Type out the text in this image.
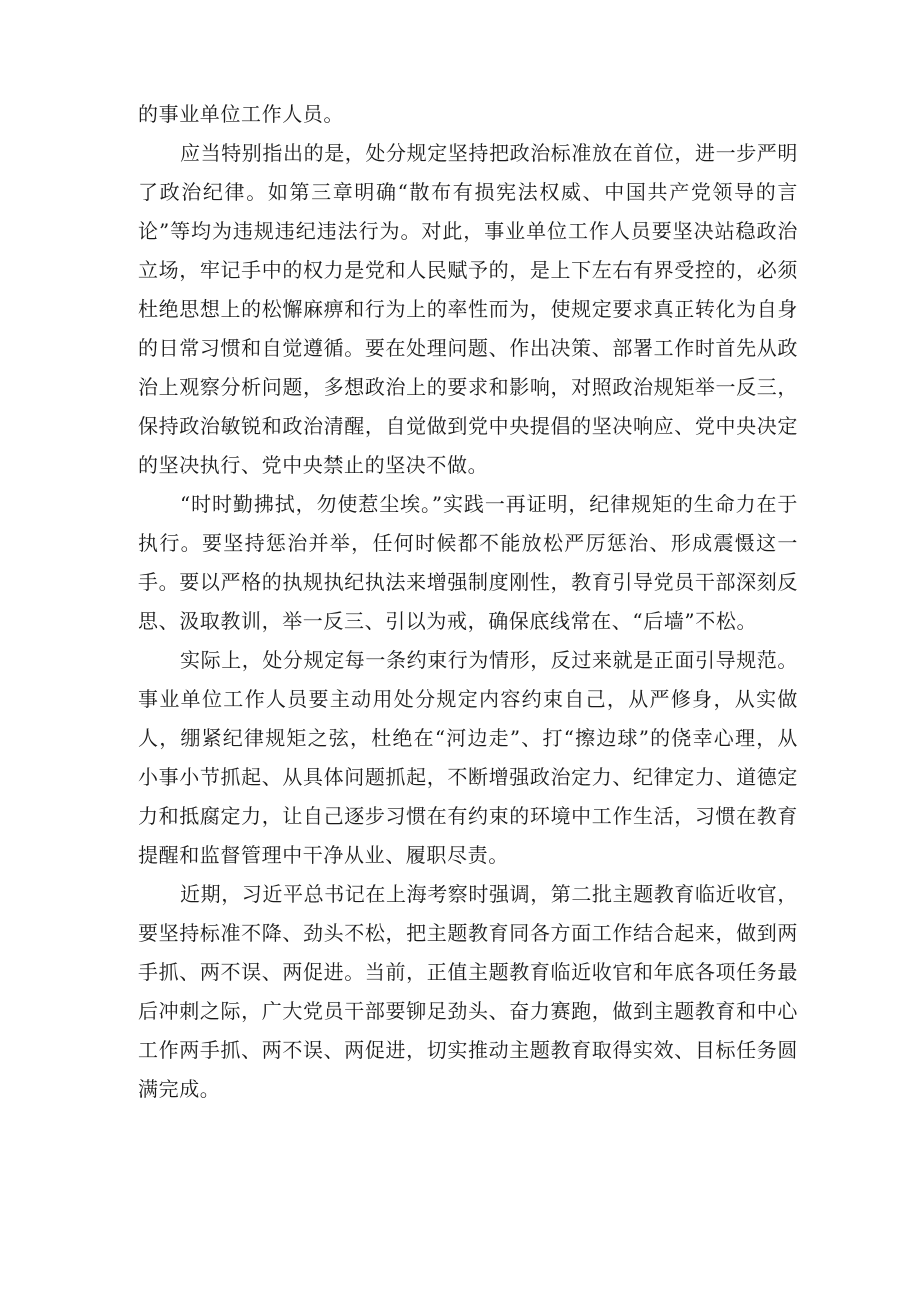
的事业单位工作人员。

应当特别指出的是，处分规定坚持把政治标准放在首位，进一步严明了政治纪律。如第三章明确“散布有损宪法权威、中国共产党领导的言论”等均为违规违纪违法行为。对此，事业单位工作人员要坚决站稳政治立场，牢记手中的权力是党和人民赋予的，是上下左右有界受控的，必须杜绝思想上的松懈麻痹和行为上的率性而为，使规定要求真正转化为自身的日常习惯和自觉遵循。要在处理问题、作出决策、部署工作时首先从政治上观察分析问题，多想政治上的要求和影响，对照政治规矩举一反三，保持政治敏锐和政治清醒，自觉做到党中央提倡的坚决响应、党中央决定的坚决执行、党中央禁止的坚决不做。

“时时勤拂拭，勿使惹尘埃。”实践一再证明，纪律规矩的生命力在于执行。要坚持惩治并举，任何时候都不能放松严厉惩治、形成震慑这一手。要以严格的执规执纪执法来增强制度刚性，教育引导党员干部深刻反思、汲取教训，举一反三、引以为戒，确保底线常在、“后墙”不松。

实际上，处分规定每一条约束行为情形，反过来就是正面引导规范。事业单位工作人员要主动用处分规定内容约束自己，从严修身，从实做人，绷紧纪律规矩之弦，杜绝在“河边走”、打“擦边球”的侥幸心理，从小事小节抓起、从具体问题抓起，不断增强政治定力、纪律定力、道德定力和抵腐定力，让自己逐步习惯在有约束的环境中工作生活，习惯在教育提醒和监督管理中干净从业、履职尽责。

近期，习近平总书记在上海考察时强调，第二批主题教育临近收官，要坚持标准不降、劲头不松，把主题教育同各方面工作结合起来，做到两手抓、两不误、两促进。当前，正值主题教育临近收官和年底各项任务最后冲刺之际，广大党员干部要铆足劲头、奋力赛跑，做到主题教育和中心工作两手抓、两不误、两促进，切实推动主题教育取得实效、目标任务圆满完成。
